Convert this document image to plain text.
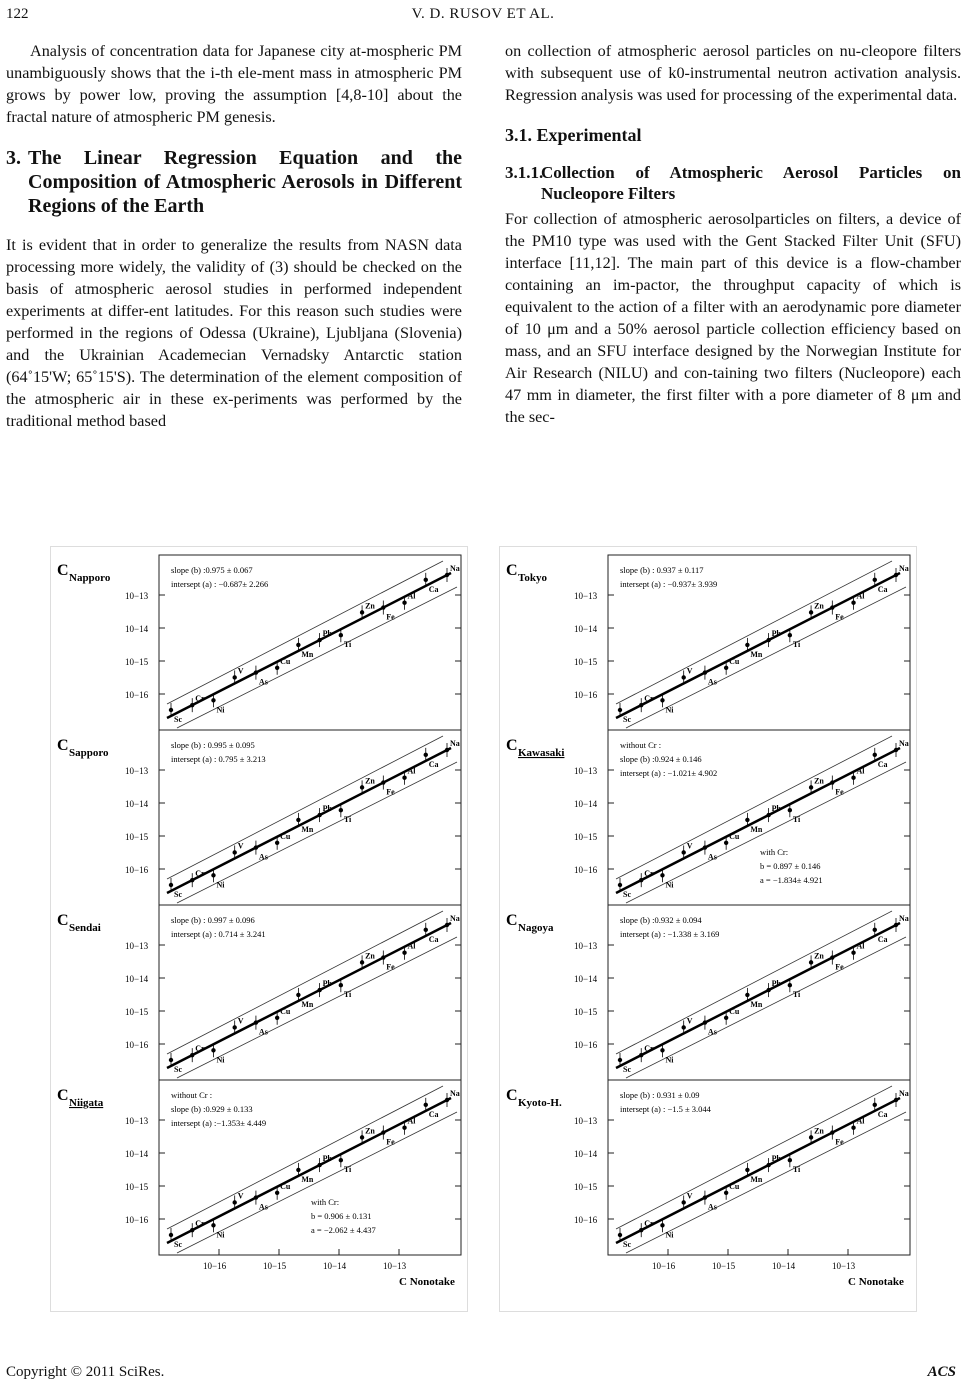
122	V. D. RUSOV ET AL.

Analysis of concentration data for Japanese city at-mospheric PM unambiguously shows that the i-th ele-ment mass in atmospheric PM grows by power low, proving the assumption [4,8-10] about the fractal nature of atmospheric PM genesis.

3. The Linear Regression Equation and the Composition of Atmospheric Aerosols in Different Regions of the Earth

It is evident that in order to generalize the results from NASN data processing more widely, the validity of (3) should be checked on the basis of atmospheric aerosol studies in performed independent experiments at differ-ent latitudes. For this reason such studies were performed in the regions of Odessa (Ukraine), Ljubljana (Slovenia) and the Ukrainian Academecian Vernadsky Antarctic station (64˚15'W; 65˚15'S). The determination of the element composition of the atmospheric air in these ex-periments was performed by the traditional method based

on collection of atmospheric aerosol particles on nu-cleopore filters with subsequent use of k0-instrumental neutron activation analysis. Regression analysis was used for processing of the experimental data.

3.1. Experimental
3.1.1.
Collection of Atmospheric Aerosol Particles on Nucleopore Filters

For collection of atmospheric aerosolparticles on filters, a device of the PM10 type was used with the Gent Stacked Filter Unit (SFU) interface [11,12]. The main part of this device is a flow-chamber containing an im-pactor, the throughput capacity of which is equivalent to the action of a filter with an aerodynamic pore diameter of 10 μm and a 50% aerosol particle collection efficiency based on mass, and an SFU interface designed by the Norwegian Institute for Air Research (NILU) and con-taining two filters (Nucleopore) each 47 mm in diameter, the first filter with a pore diameter of 8 μm and the sec-

C Napporo
10−13
10−14
10−15
10−16
Sc
Cr
Ni
V
As
Cu
Mn
Pb
Ti
Zn
Fe
Al
Ca
Na
slope (b) :0.975 ± 0.067
intersept (a) : −0.687± 2.266
C Sapporo
10−13
10−14
10−15
10−16
Sc
Cr
Ni
V
As
Cu
Mn
Pb
Ti
Zn
Fe
Al
Ca
Na
slope (b) : 0.995 ± 0.095
intersept (a) : 0.795 ± 3.213
C Sendai
10−13
10−14
10−15
10−16
Sc
Cr
Ni
V
As
Cu
Mn
Pb
Ti
Zn
Fe
Al
Ca
Na
slope (b) : 0.997 ± 0.096
intersept (a) : 0.714 ± 3.241
C Niigata
10−13
10−14
10−15
10−16
Sc
Cr
Ni
V
As
Cu
Mn
Pb
Ti
Zn
Fe
Al
Ca
Na
without Cr :
slope (b) :0.929 ± 0.133
intersept (a) :−1.353± 4.449
with Cr:
b = 0.906 ± 0.131
a = −2.062 ± 4.437
10−16	10−15	10−14	10−13
C Nonotake
C Tokyo
10−13
10−14
10−15
10−16
Sc
Cr
Ni
V
As
Cu
Mn
Pb
Ti
Zn
Fe
Al
Ca
Na
slope (b) : 0.937 ± 0.117
intersept (a) : −0.937± 3.939
C Kawasaki
10−13
10−14
10−15
10−16
Sc
Cr
Ni
V
As
Cu
Mn
Pb
Ti
Zn
Fe
Al
Ca
Na
without Cr :
slope (b) :0.924 ± 0.146
intersept (a) : −1.021± 4.902
with Cr:
b = 0.897 ± 0.146
a = −1.834± 4.921
C Nagoya
10−13
10−14
10−15
10−16
Sc
Cr
Ni
V
As
Cu
Mn
Pb
Ti
Zn
Fe
Al
Ca
Na
slope (b) :0.932 ± 0.094
intersept (a) : −1.338 ± 3.169
C Kyoto-H.
10−13
10−14
10−15
10−16
Sc
Cr
Ni
V
As
Cu
Mn
Pb
Ti
Zn
Fe
Al
Ca
Na
slope (b) : 0.931 ± 0.09
intersept (a) : −1.5 ± 3.044
10−16	10−15	10−14	10−13
C Nonotake
Copyright © 2011 SciRes.	ACS
